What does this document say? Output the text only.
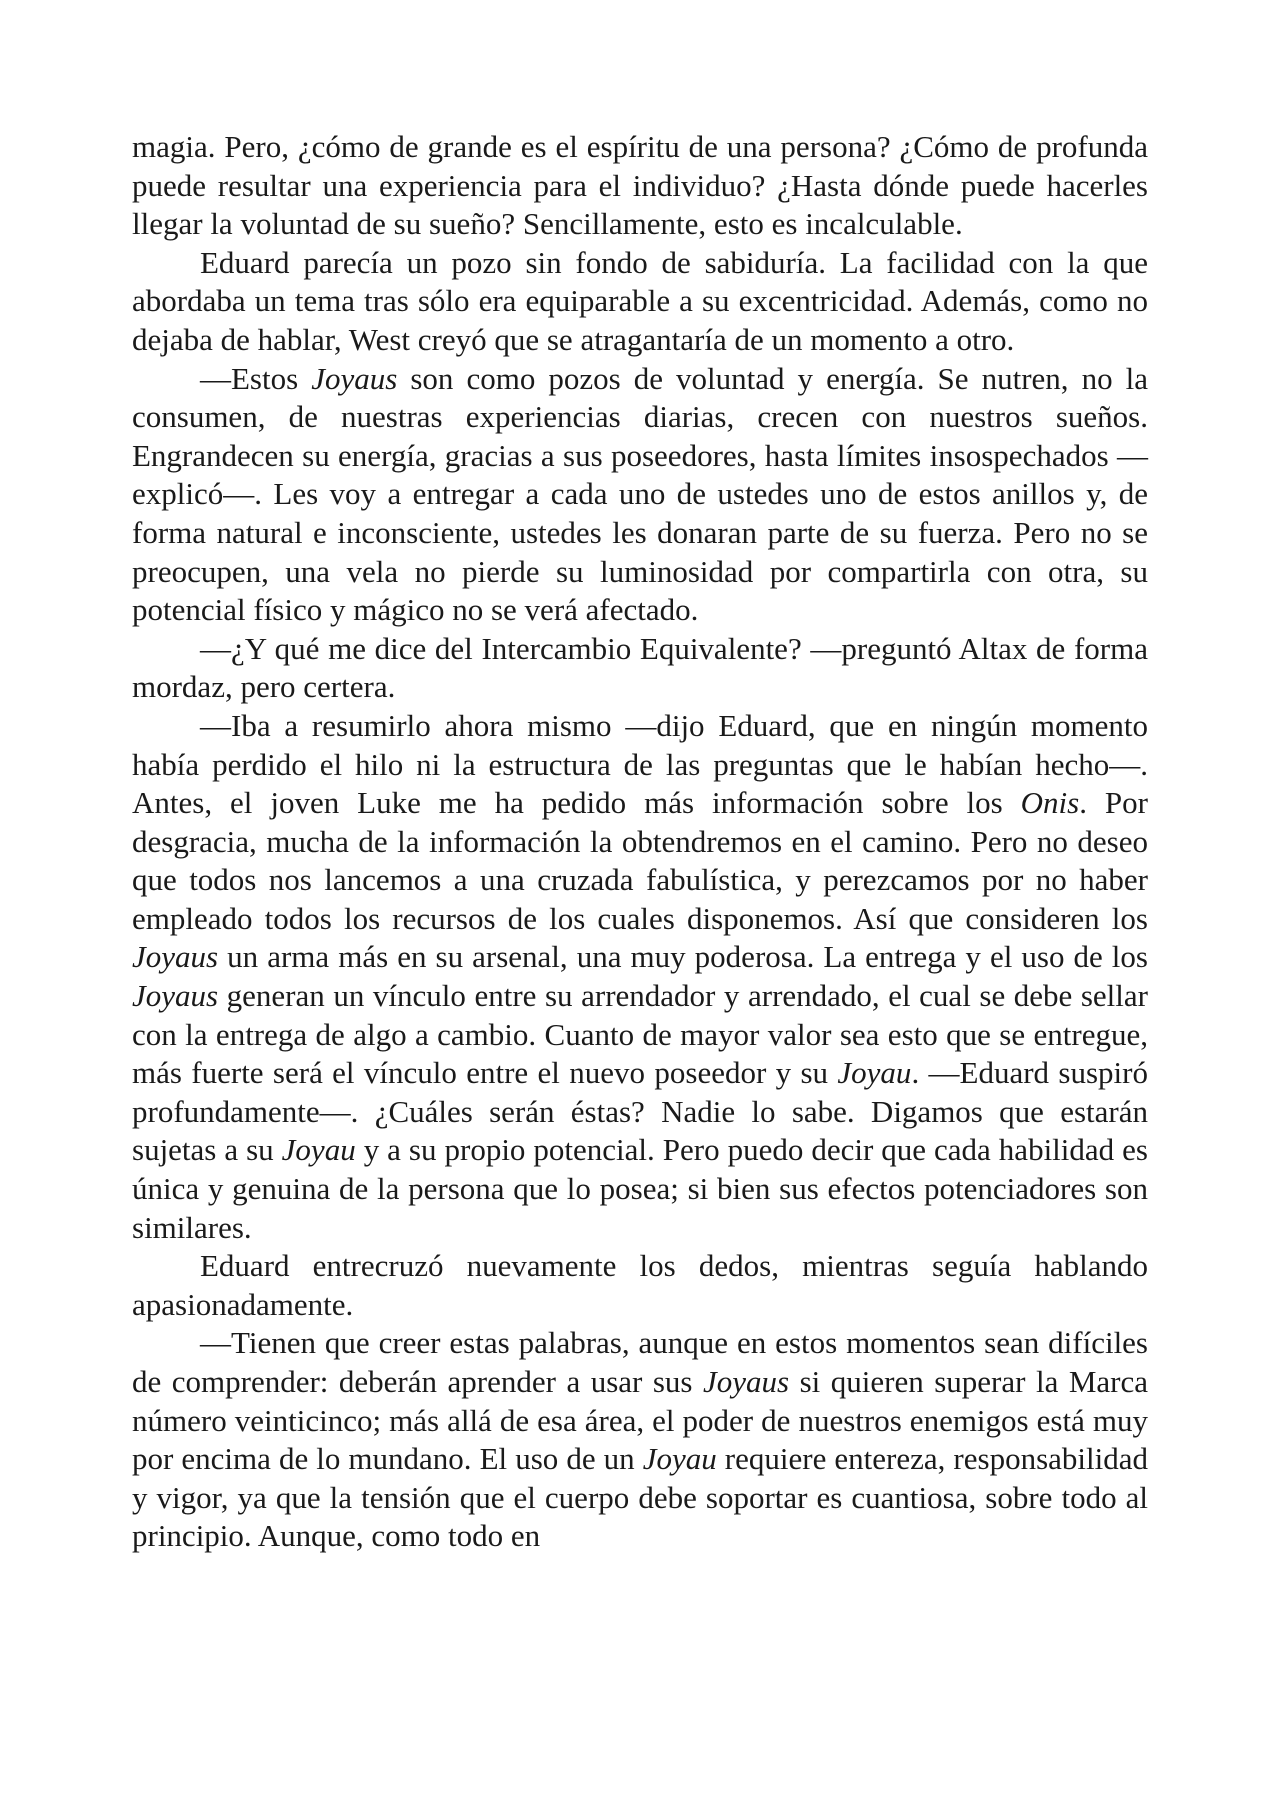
magia. Pero, ¿cómo de grande es el espíritu de una persona? ¿Cómo de profunda puede resultar una experiencia para el individuo? ¿Hasta dónde puede hacerles llegar la voluntad de su sueño? Sencillamente, esto es incalculable.

Eduard parecía un pozo sin fondo de sabiduría. La facilidad con la que abordaba un tema tras sólo era equiparable a su excentricidad. Además, como no dejaba de hablar, West creyó que se atragantaría de un momento a otro.

—Estos Joyaus son como pozos de voluntad y energía. Se nutren, no la consumen, de nuestras experiencias diarias, crecen con nuestros sueños. Engrandecen su energía, gracias a sus poseedores, hasta límites insospechados —explicó—. Les voy a entregar a cada uno de ustedes uno de estos anillos y, de forma natural e inconsciente, ustedes les donaran parte de su fuerza. Pero no se preocupen, una vela no pierde su luminosidad por compartirla con otra, su potencial físico y mágico no se verá afectado.

—¿Y qué me dice del Intercambio Equivalente? —preguntó Altax de forma mordaz, pero certera.

—Iba a resumirlo ahora mismo —dijo Eduard, que en ningún momento había perdido el hilo ni la estructura de las preguntas que le habían hecho—. Antes, el joven Luke me ha pedido más información sobre los Onis. Por desgracia, mucha de la información la obtendremos en el camino. Pero no deseo que todos nos lancemos a una cruzada fabulística, y perezcamos por no haber empleado todos los recursos de los cuales disponemos. Así que consideren los Joyaus un arma más en su arsenal, una muy poderosa. La entrega y el uso de los Joyaus generan un vínculo entre su arrendador y arrendado, el cual se debe sellar con la entrega de algo a cambio. Cuanto de mayor valor sea esto que se entregue, más fuerte será el vínculo entre el nuevo poseedor y su Joyau. —Eduard suspiró profundamente—. ¿Cuáles serán éstas? Nadie lo sabe. Digamos que estarán sujetas a su Joyau y a su propio potencial. Pero puedo decir que cada habilidad es única y genuina de la persona que lo posea; si bien sus efectos potenciadores son similares.

Eduard entrecruzó nuevamente los dedos, mientras seguía hablando apasionadamente.

—Tienen que creer estas palabras, aunque en estos momentos sean difíciles de comprender: deberán aprender a usar sus Joyaus si quieren superar la Marca número veinticinco; más allá de esa área, el poder de nuestros enemigos está muy por encima de lo mundano. El uso de un Joyau requiere entereza, responsabilidad y vigor, ya que la tensión que el cuerpo debe soportar es cuantiosa, sobre todo al principio. Aunque, como todo en
